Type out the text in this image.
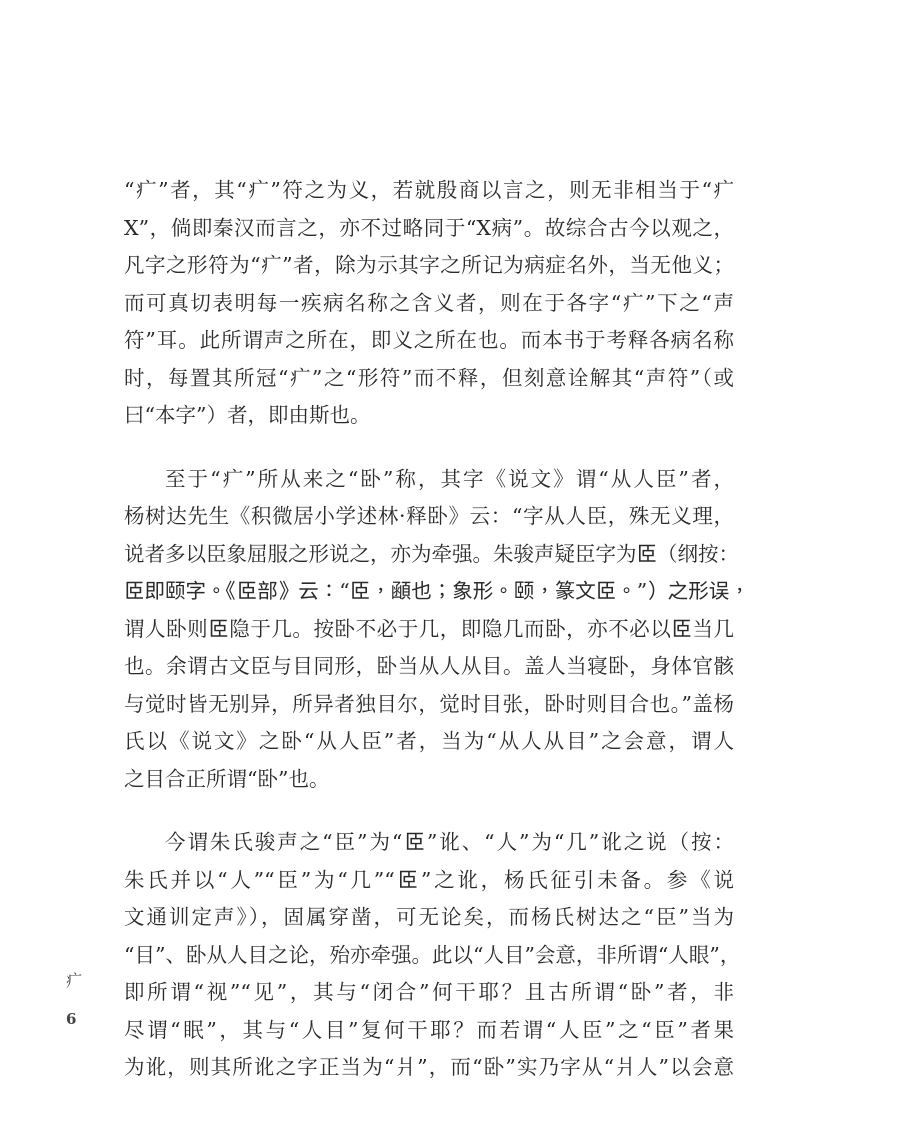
“疒”者，其“疒”符之为义，若就殷商以言之，则无非相当于“疒
X”，倘即秦汉而言之，亦不过略同于“X病”。故综合古今以观之，
凡字之形符为“疒”者，除为示其字之所记为病症名外，当无他义；
而可真切表明每一疾病名称之含义者，则在于各字“疒”下之“声
符”耳。此所谓声之所在，即义之所在也。而本书于考释各病名称
时，每置其所冠“疒”之“形符”而不释，但刻意诠解其“声符”（或
曰“本字”）者，即由斯也。
至于“疒”所从来之“卧”称，其字《说文》谓“从人臣”者，
杨树达先生《积微居小学述林·释卧》云：“字从人臣，殊无义理，
说者多以臣象屈服之形说之，亦为牵强。朱骏声疑臣字为𦣞（纲按：
𦣞即颐字。《𦣞部》云：“𦣞，顄也；象形。颐，篆文𦣞。”）之形误，
谓人卧则𦣞隐于几。按卧不必于几，即隐几而卧，亦不必以𦣞当几
也。余谓古文臣与目同形，卧当从人从目。盖人当寝卧，身体官骸
与觉时皆无别异，所异者独目尔，觉时目张，卧时则目合也。”盖杨
氏以《说文》之卧“从人臣”者，当为“从人从目”之会意，谓人
之目合正所谓“卧”也。
今谓朱氏骏声之“臣”为“𦣞”讹、“人”为“几”讹之说（按：
朱氏并以“人”“臣”为“几”“𦣞”之讹，杨氏征引未备。参《说
文通训定声》），固属穿凿，可无论矣，而杨氏树达之“臣”当为
“目”、卧从人目之论，殆亦牵强。此以“人目”会意，非所谓“人眼”，
即所谓“视”“见”，其与“闭合”何干耶？且古所谓“卧”者，非
尽谓“眠”，其与“人目”复何干耶？而若谓“人臣”之“臣”者果
为讹，则其所讹之字正当为“爿”，而“卧”实乃字从“爿人”以会意
疒
6
